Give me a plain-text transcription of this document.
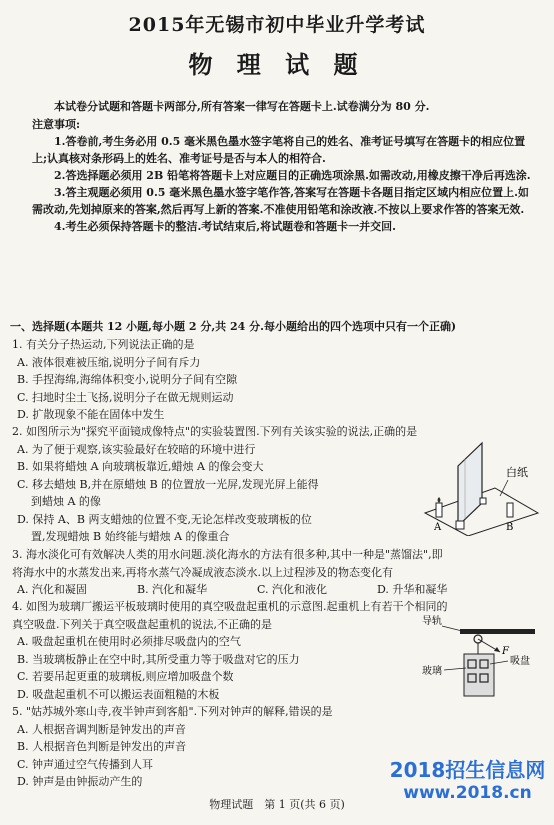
2015年无锡市初中毕业升学考试
物 理 试 题

本试卷分试题和答题卡两部分,所有答案一律写在答题卡上.试卷满分为 80 分.

注意事项:

1.答卷前,考生务必用 0.5 毫米黑色墨水签字笔将自己的姓名、准考证号填写在答题卡的相应位置上;认真核对条形码上的姓名、准考证号是否与本人的相符合.

2.答选择题必须用 2B 铅笔将答题卡上对应题目的正确选项涂黑.如需改动,用橡皮擦干净后再选涂.

3.答主观题必须用 0.5 毫米黑色墨水签字笔作答,答案写在答题卡各题目指定区域内相应位置上.如需改动,先划掉原来的答案,然后再写上新的答案.不准使用铅笔和涂改液.不按以上要求作答的答案无效.

4.考生必须保持答题卡的整洁.考试结束后,将试题卷和答题卡一并交回.

一、选择题(本题共 12 小题,每小题 2 分,共 24 分.每小题给出的四个选项中只有一个正确)

1. 有关分子热运动,下列说法正确的是

A. 液体很难被压缩,说明分子间有斥力

B. 手捏海绵,海绵体积变小,说明分子间有空隙

C. 扫地时尘土飞扬,说明分子在做无规则运动

D. 扩散现象不能在固体中发生

2. 如图所示为"探究平面镜成像特点"的实验装置图.下列有关该实验的说法,正确的是

A. 为了便于观察,该实验最好在较暗的环境中进行

B. 如果将蜡烛 A 向玻璃板靠近,蜡烛 A 的像会变大

C. 移去蜡烛 B,并在原蜡烛 B 的位置放一光屏,发现光屏上能得

到蜡烛 A 的像

D. 保持 A、B 两支蜡烛的位置不变,无论怎样改变玻璃板的位

置,发现蜡烛 B 始终能与蜡烛 A 的像重合

白纸
A	B

3. 海水淡化可有效解决人类的用水问题.淡化海水的方法有很多种,其中一种是"蒸馏法",即

将海水中的水蒸发出来,再将水蒸气冷凝成液态淡水.以上过程涉及的物态变化有

A. 汽化和凝固	B. 汽化和凝华	C. 汽化和液化	D. 升华和凝华

4. 如图为玻璃厂搬运平板玻璃时使用的真空吸盘起重机的示意图.起重机上有若干个相同的

真空吸盘.下列关于真空吸盘起重机的说法,不正确的是

A. 吸盘起重机在使用时必须排尽吸盘内的空气

B. 当玻璃板静止在空中时,其所受重力等于吸盘对它的压力

C. 若要吊起更重的玻璃板,则应增加吸盘个数

D. 吸盘起重机不可以搬运表面粗糙的木板

导轨
F
玻璃
吸盘

5. "姑苏城外寒山寺,夜半钟声到客船".下列对钟声的解释,错误的是

A. 人根据音调判断是钟发出的声音

B. 人根据音色判断是钟发出的声音

C. 钟声通过空气传播到人耳

D. 钟声是由钟振动产生的	2018招生信息网
www.2018.cn
物理试题　第 1 页(共 6 页)
